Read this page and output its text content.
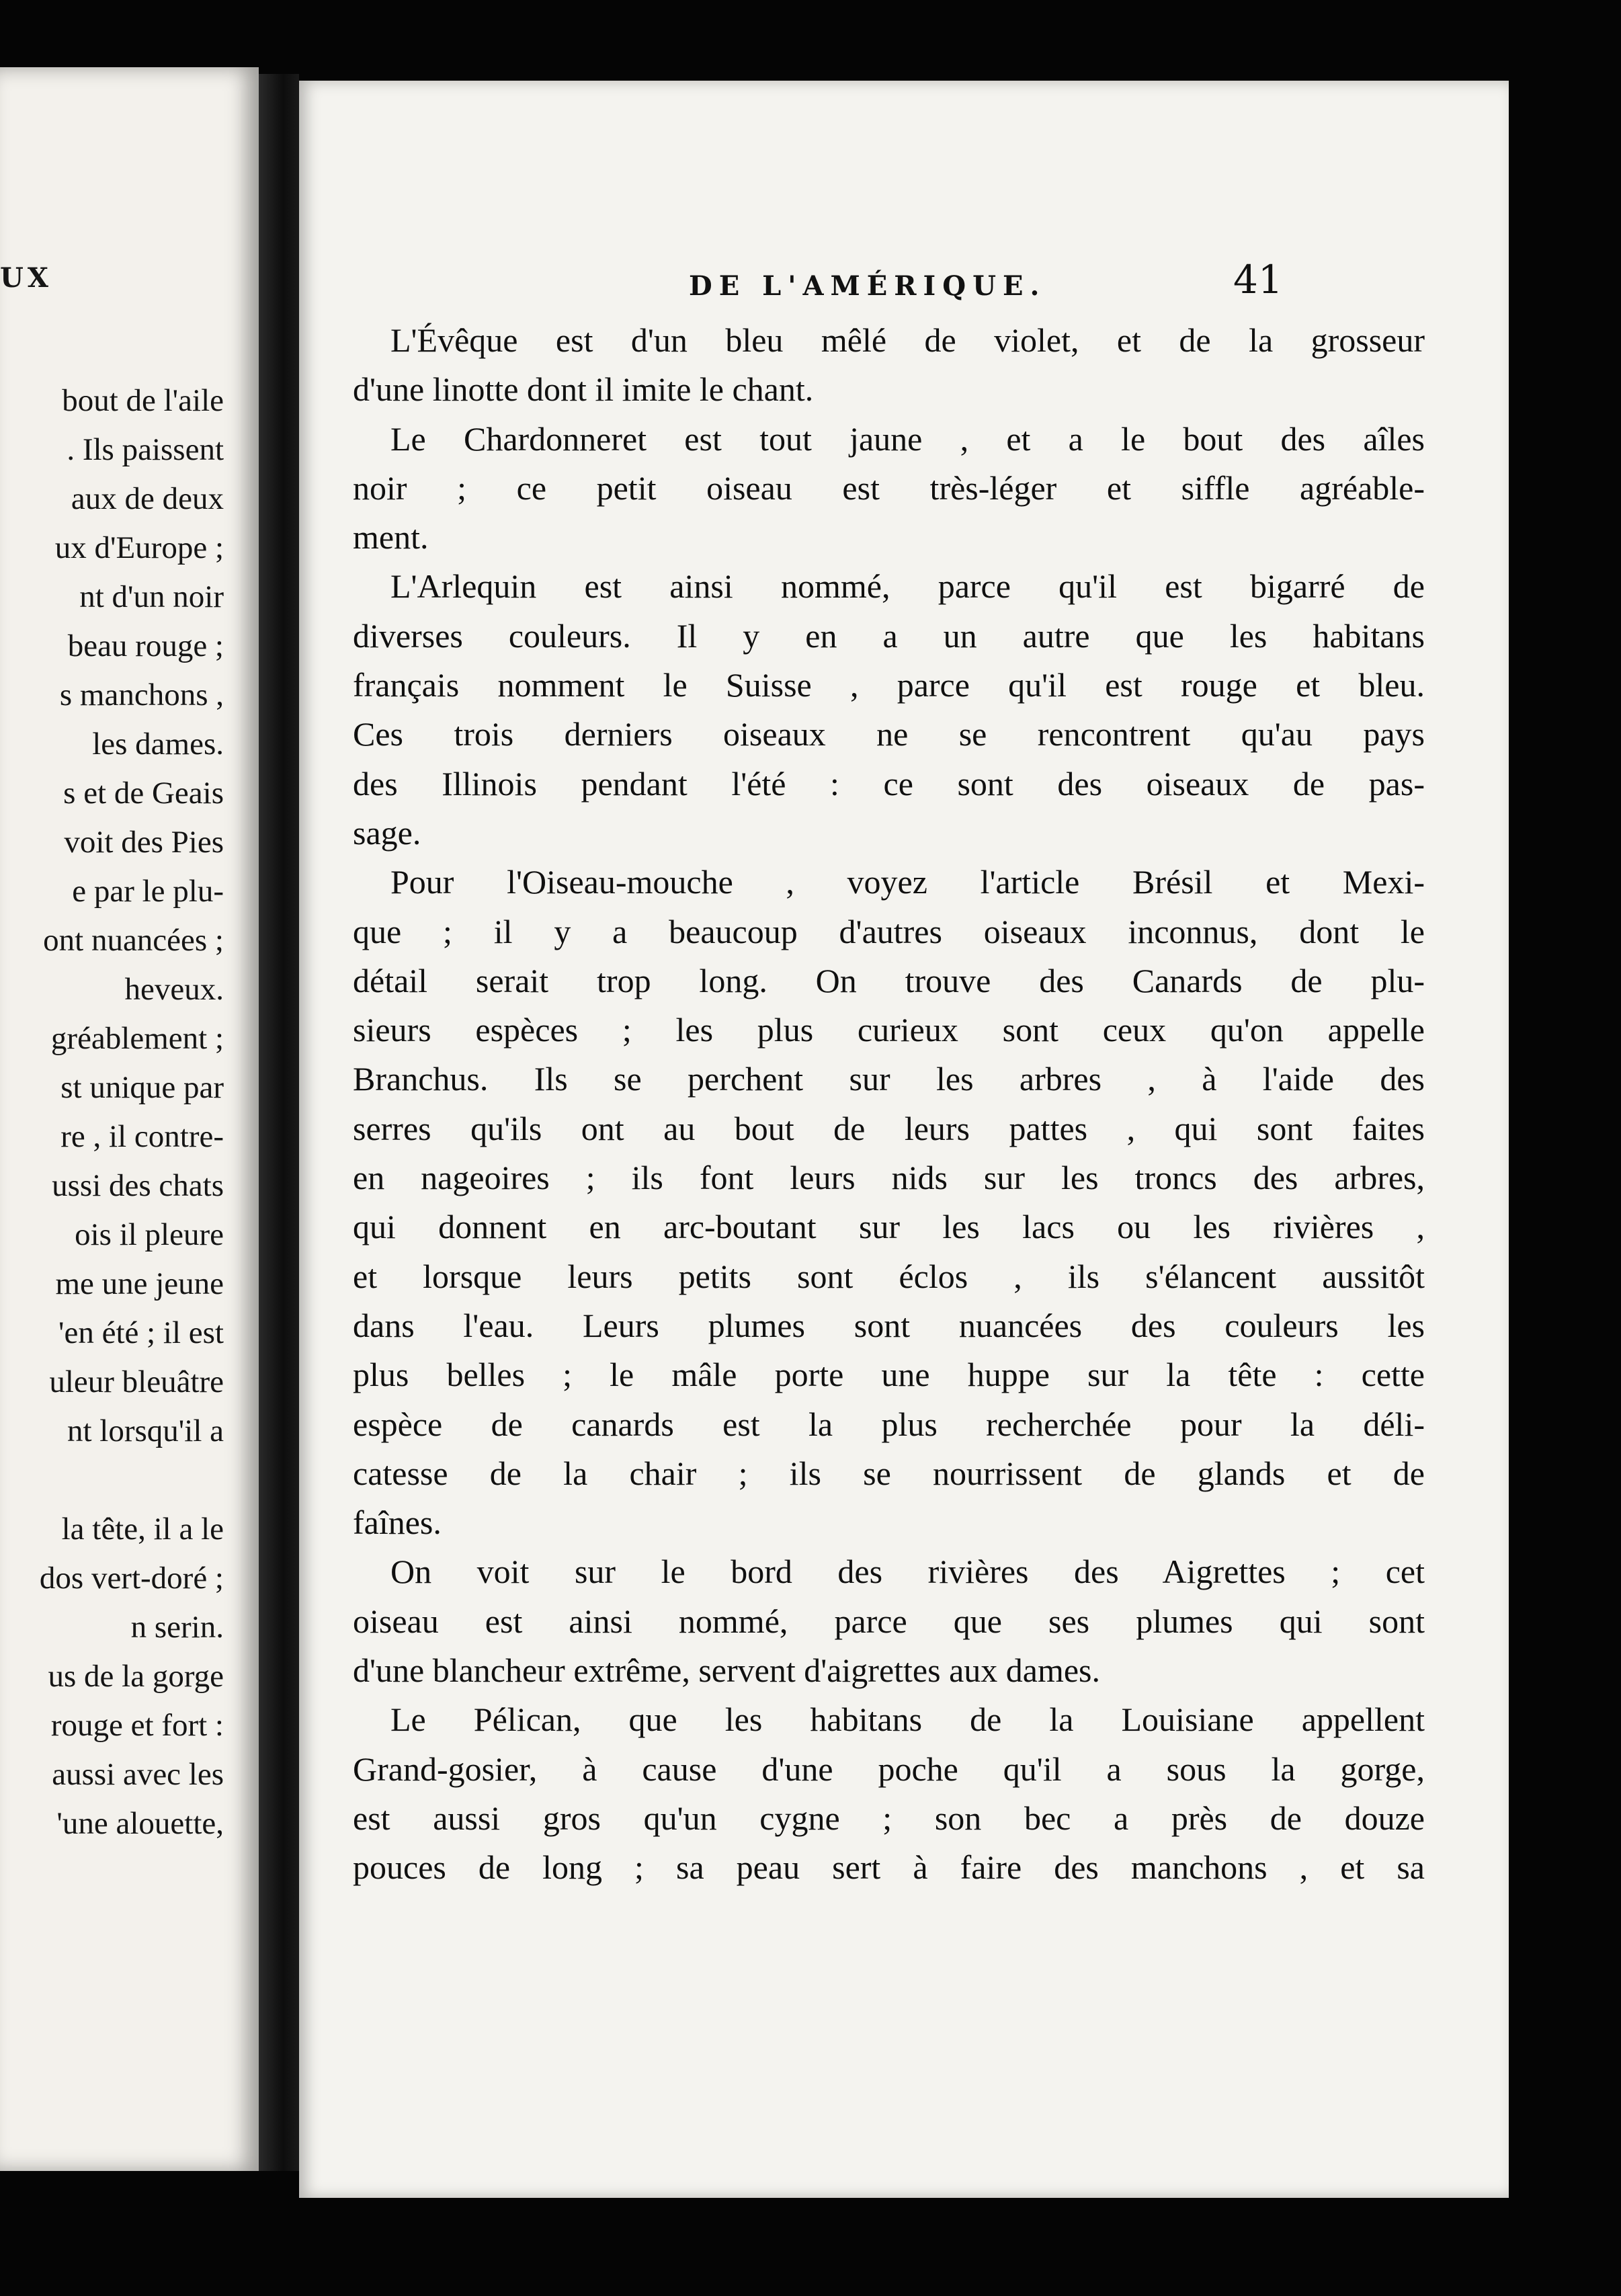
UX
bout de l'aile
. Ils paissent
aux de deux
ux d'Europe ;
nt d'un noir
beau rouge ;
s manchons ,
les dames.
s et de Geais
voit des Pies
e par le plu-
ont nuancées ;
heveux.
gréablement ;
st unique par
re , il contre-
ussi des chats
ois il pleure
me une jeune
'en été ; il est
uleur bleuâtre
nt lorsqu'il a
la tête, il a le
dos vert-doré ;
n serin.
us de la gorge
rouge et fort :
aussi avec les
'une alouette,
DE L'AMÉRIQUE.	41
L'Évêque est d'un bleu mêlé de violet, et de la grosseur
d'une linotte dont il imite le chant.
Le Chardonneret est tout jaune , et a le bout des aîles
noir ; ce petit oiseau est très-léger et siffle agréable-
ment.
L'Arlequin est ainsi nommé, parce qu'il est bigarré de
diverses couleurs. Il y en a un autre que les habitans
français nomment le Suisse , parce qu'il est rouge et bleu.
Ces trois derniers oiseaux ne se rencontrent qu'au pays
des Illinois pendant l'été : ce sont des oiseaux de pas-
sage.
Pour l'Oiseau-mouche , voyez l'article Brésil et Mexi-
que ; il y a beaucoup d'autres oiseaux inconnus, dont le
détail serait trop long. On trouve des Canards de plu-
sieurs espèces ; les plus curieux sont ceux qu'on appelle
Branchus. Ils se perchent sur les arbres , à l'aide des
serres qu'ils ont au bout de leurs pattes , qui sont faites
en nageoires ; ils font leurs nids sur les troncs des arbres,
qui donnent en arc-boutant sur les lacs ou les rivières ,
et lorsque leurs petits sont éclos , ils s'élancent aussitôt
dans l'eau. Leurs plumes sont nuancées des couleurs les
plus belles ; le mâle porte une huppe sur la tête : cette
espèce de canards est la plus recherchée pour la déli-
catesse de la chair ; ils se nourrissent de glands et de
faînes.
On voit sur le bord des rivières des Aigrettes ; cet
oiseau est ainsi nommé, parce que ses plumes qui sont
d'une blancheur extrême, servent d'aigrettes aux dames.
Le Pélican, que les habitans de la Louisiane appellent
Grand-gosier, à cause d'une poche qu'il a sous la gorge,
est aussi gros qu'un cygne ; son bec a près de douze
pouces de long ; sa peau sert à faire des manchons , et sa
